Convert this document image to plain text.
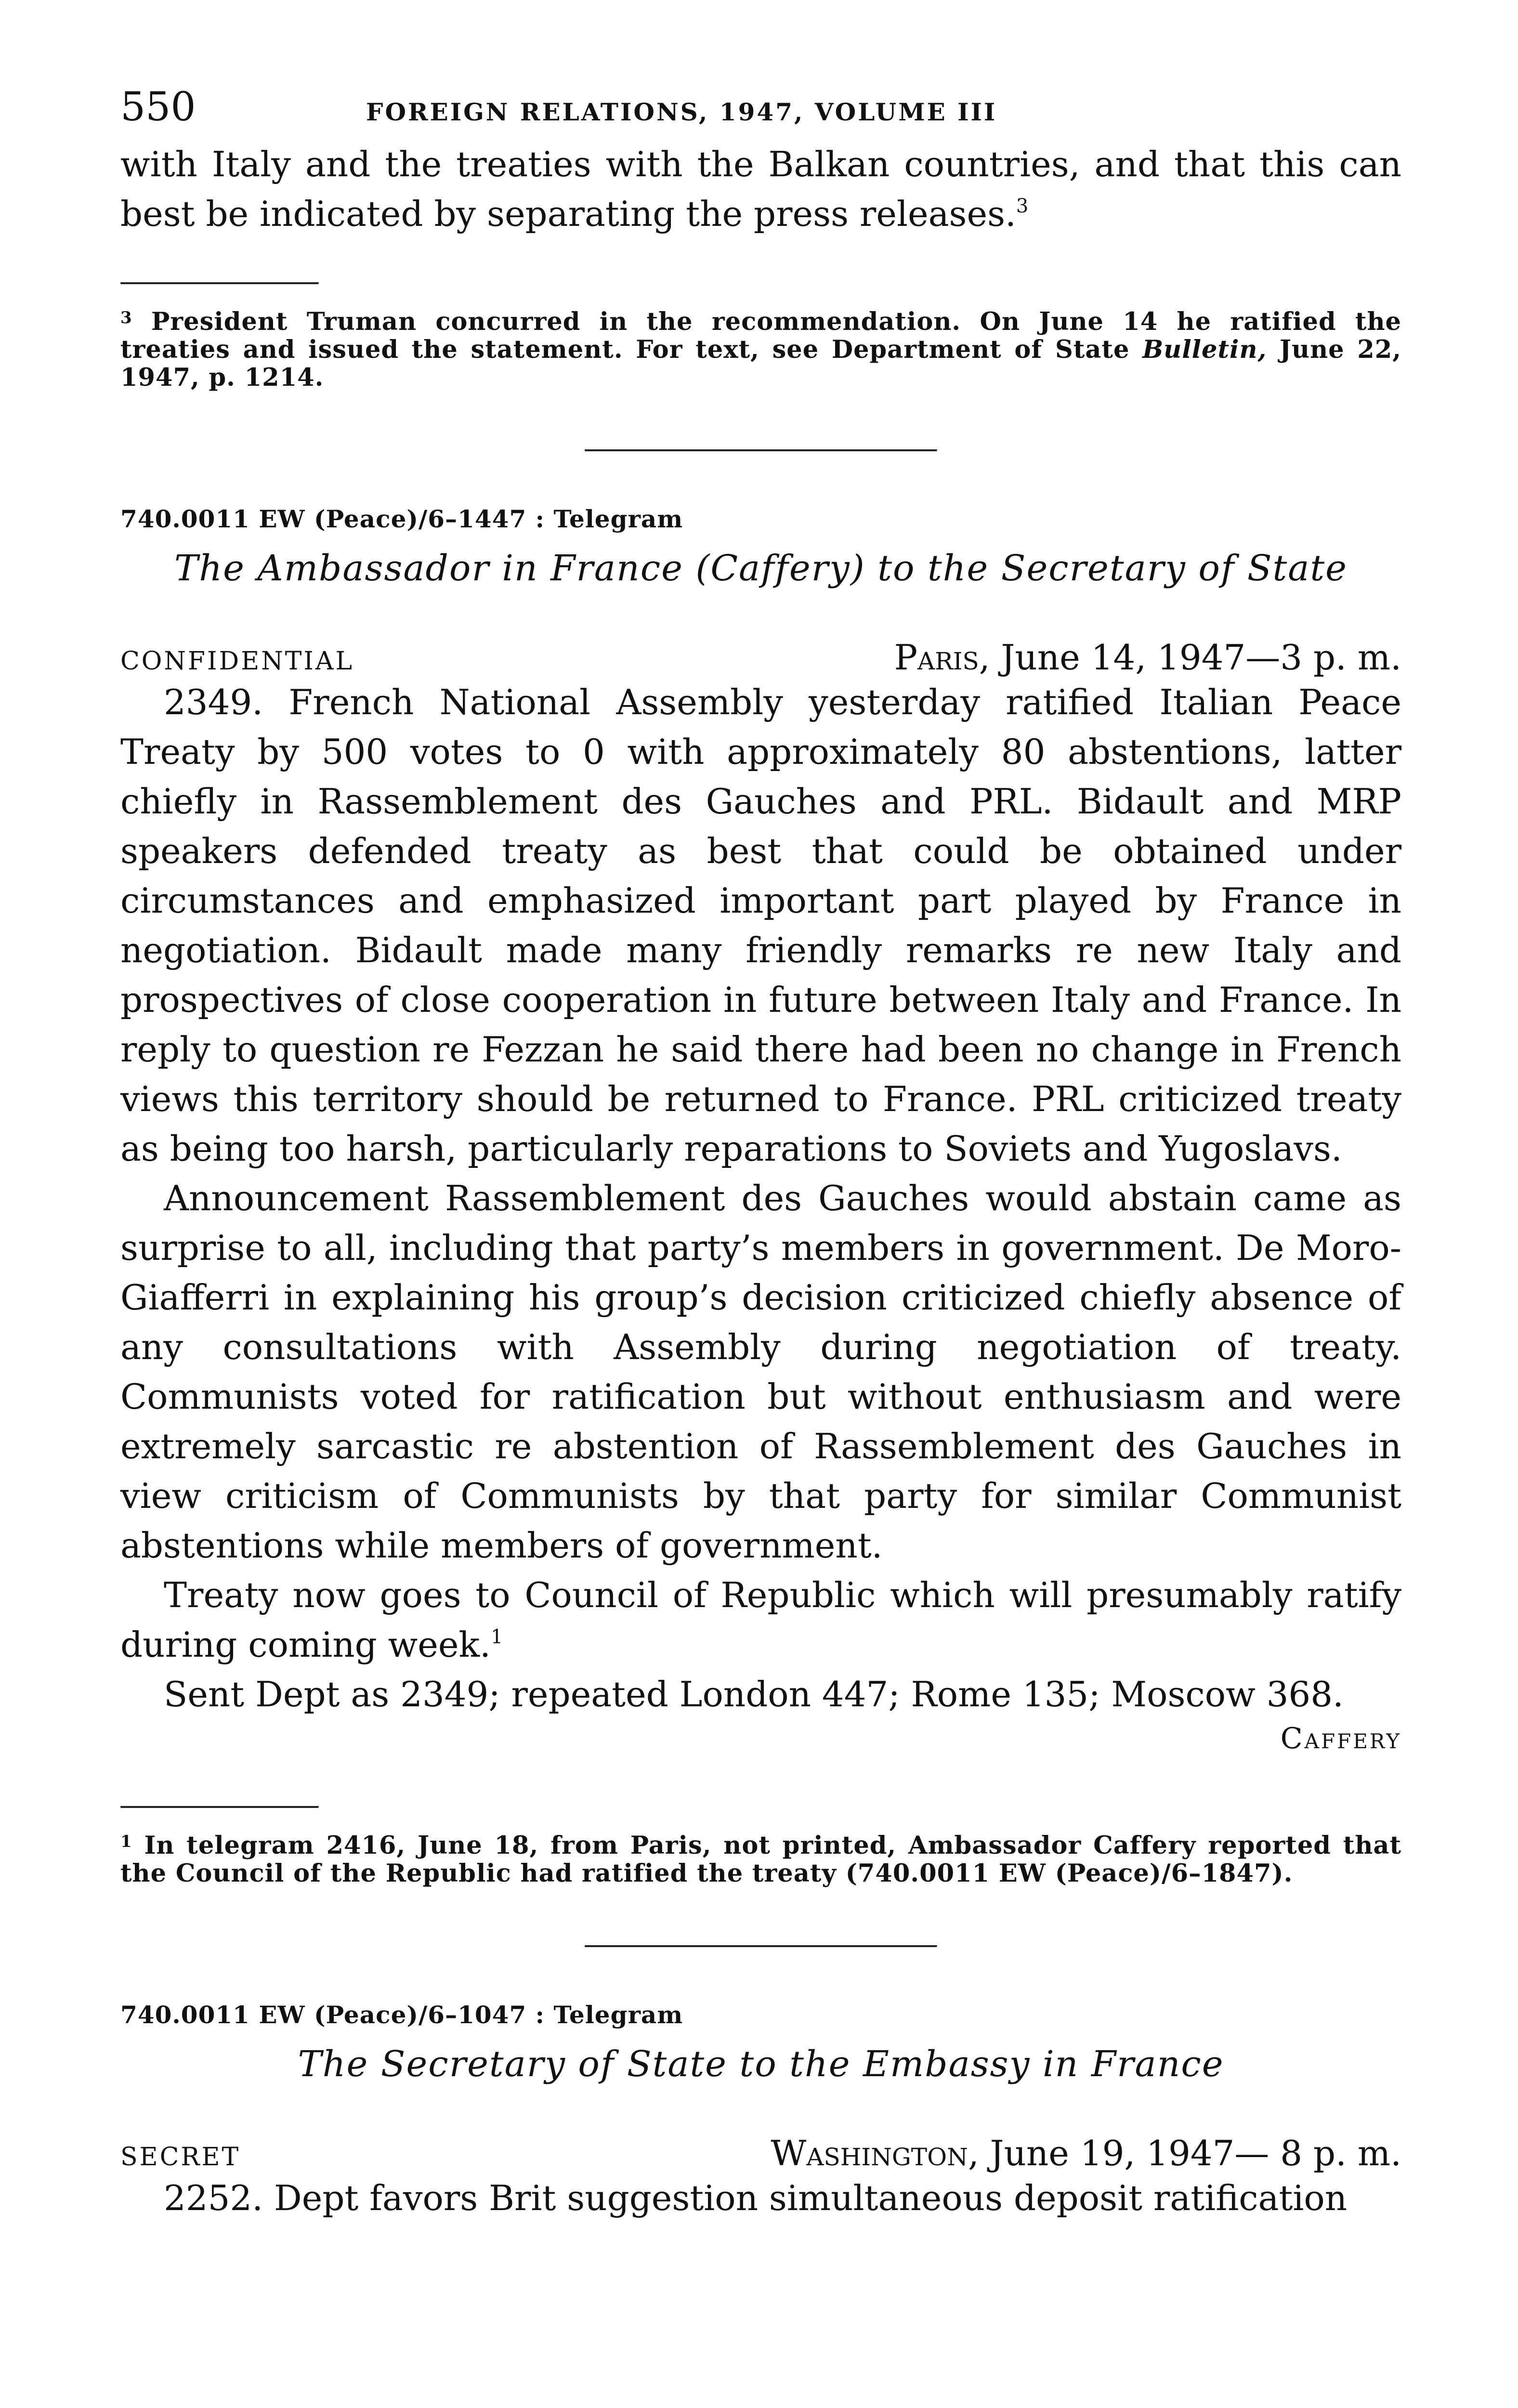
550	FOREIGN RELATIONS, 1947, VOLUME III

with Italy and the treaties with the Balkan countries, and that this can best be indicated by separating the press releases.$^3$

$^3$ President Truman concurred in the recommendation. On June 14 he ratified the treaties and issued the statement. For text, see Department of State Bulletin, June 22, 1947, p. 1214.

740.0011 EW (Peace)/6–1447 : Telegram

The Ambassador in France (Caffery) to the Secretary of State

CONFIDENTIAL	Paris, June 14, 1947—3 p. m.

2349. French National Assembly yesterday ratified Italian Peace Treaty by 500 votes to 0 with approximately 80 abstentions, latter chiefly in Rassemblement des Gauches and PRL. Bidault and MRP speakers defended treaty as best that could be obtained under circumstances and emphasized important part played by France in negotiation. Bidault made many friendly remarks re new Italy and prospectives of close cooperation in future between Italy and France. In reply to question re Fezzan he said there had been no change in French views this territory should be returned to France. PRL criticized treaty as being too harsh, particularly reparations to Soviets and Yugoslavs.

Announcement Rassemblement des Gauches would abstain came as surprise to all, including that party’s members in government. De Moro-Giafferri in explaining his group’s decision criticized chiefly absence of any consultations with Assembly during negotiation of treaty. Communists voted for ratification but without enthusiasm and were extremely sarcastic re abstention of Rassemblement des Gauches in view criticism of Communists by that party for similar Communist abstentions while members of government.

Treaty now goes to Council of Republic which will presumably ratify during coming week.$^1$

Sent Dept as 2349; repeated London 447; Rome 135; Moscow 368.

Caffery

$^1$ In telegram 2416, June 18, from Paris, not printed, Ambassador Caffery reported that the Council of the Republic had ratified the treaty (740.0011 EW (Peace)/6–1847).

740.0011 EW (Peace)/6–1047 : Telegram

The Secretary of State to the Embassy in France

SECRET	Washington, June 19, 1947— 8 p. m.

2252. Dept favors Brit suggestion simultaneous deposit ratification
